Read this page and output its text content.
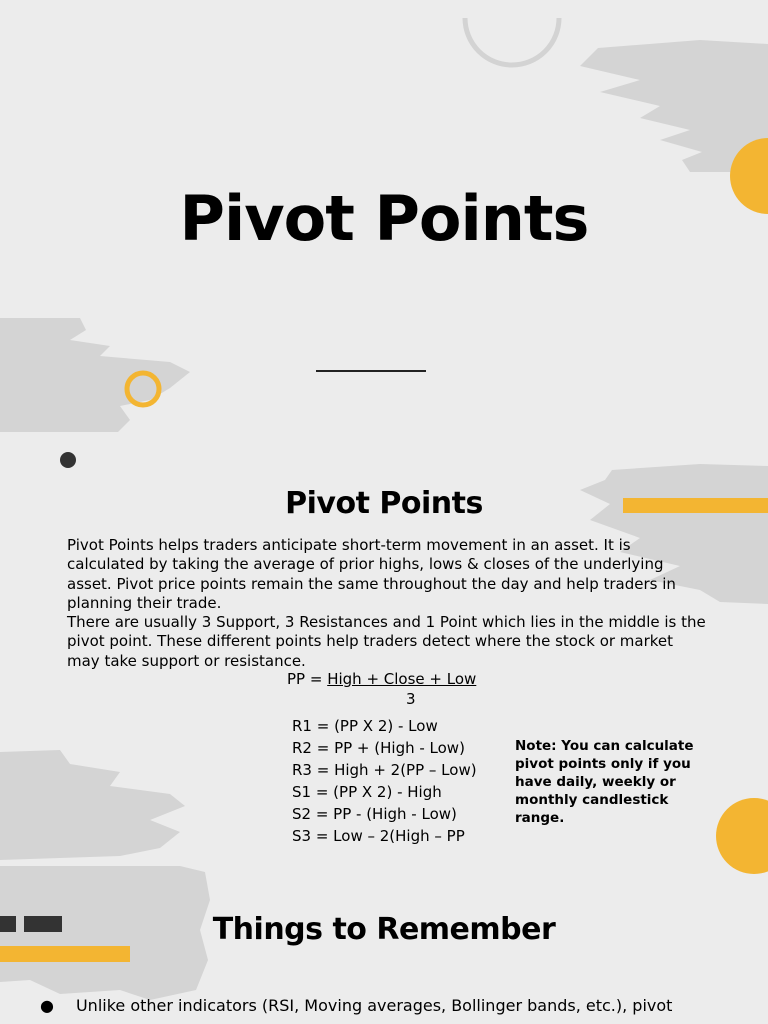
Pivot Points
Pivot Points

Pivot Points helps traders anticipate short-term movement in an asset. It is calculated by taking the average of prior highs, lows & closes of the underlying asset. Pivot price points remain the same throughout the day and help traders in planning their trade.

There are usually 3 Support, 3 Resistances and 1 Point which lies in the middle is the pivot point. These different points help traders detect where the stock or market may take support or resistance.

PP = High + Close + Low
3
R1 = (PP X 2) - Low
R2 = PP + (High - Low)
R3 = High + 2(PP – Low)
S1 = (PP X 2) - High
S2 = PP - (High - Low)
S3 = Low – 2(High – PP

Note: You can calculate pivot points only if you have daily, weekly or monthly candlestick range.

Things to Remember
● Unlike other indicators (RSI, Moving averages, Bollinger bands, etc.), pivot
